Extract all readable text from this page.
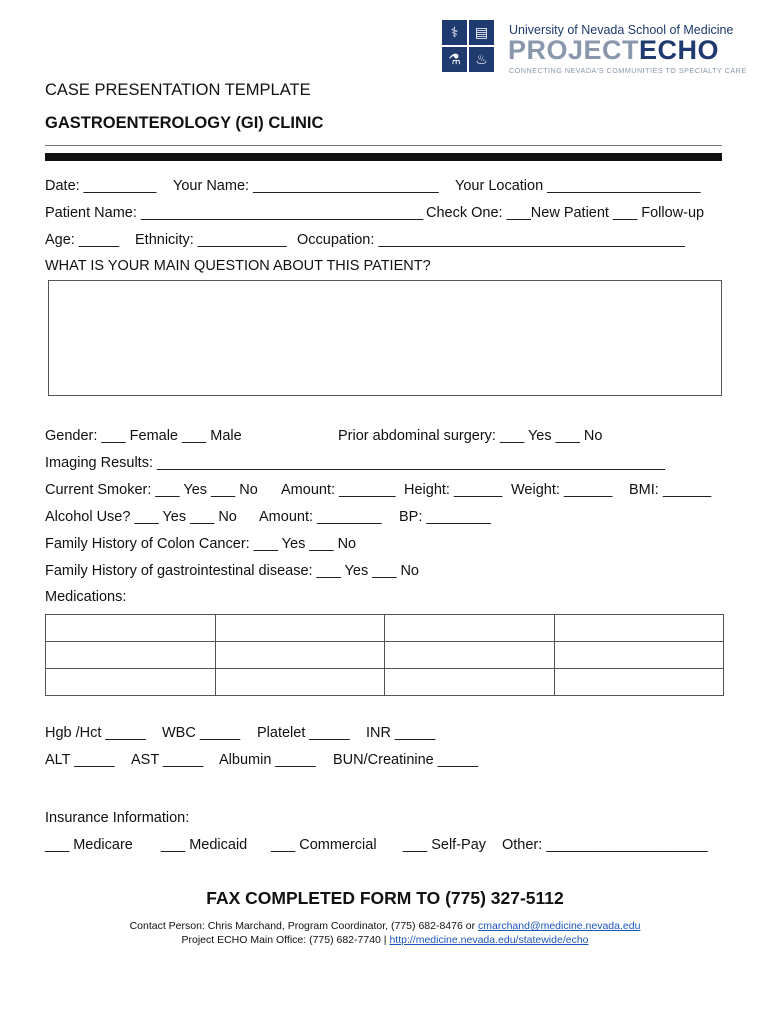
⚕	▤
⚗	♨
University of Nevada School of Medicine
PROJECTECHO
CONNECTING NEVADA'S COMMUNITIES TO SPECIALTY CARE
CASE PRESENTATION TEMPLATE
GASTROENTEROLOGY (GI) CLINIC
Date: _________ Your Name: _______________________ Your Location ___________________
Patient Name: ___________________________________ Check One: ___New Patient ___ Follow-up
Age: _____ Ethnicity: ___________ Occupation: ______________________________________
WHAT IS YOUR MAIN QUESTION ABOUT THIS PATIENT?
Gender: ___ Female ___ Male	Prior abdominal surgery: ___ Yes ___ No
Imaging Results: _______________________________________________________________
Current Smoker: ___ Yes ___ No Amount: _______ Height: ______ Weight: ______ BMI: ______
Alcohol Use? ___ Yes ___ No Amount: ________ BP: ________
Family History of Colon Cancer: ___ Yes ___ No
Family History of gastrointestinal disease: ___ Yes ___ No
Medications:

Hgb /Hct _____ WBC _____ Platelet _____ INR _____
ALT _____ AST _____ Albumin _____ BUN/Creatinine _____
Insurance Information:
___ Medicare ___ Medicaid ___ Commercial ___ Self-Pay Other: ____________________
FAX COMPLETED FORM TO (775) 327-5112
Contact Person: Chris Marchand, Program Coordinator, (775) 682-8476 or cmarchand@medicine.nevada.edu
Project ECHO Main Office: (775) 682-7740 | http://medicine.nevada.edu/statewide/echo
